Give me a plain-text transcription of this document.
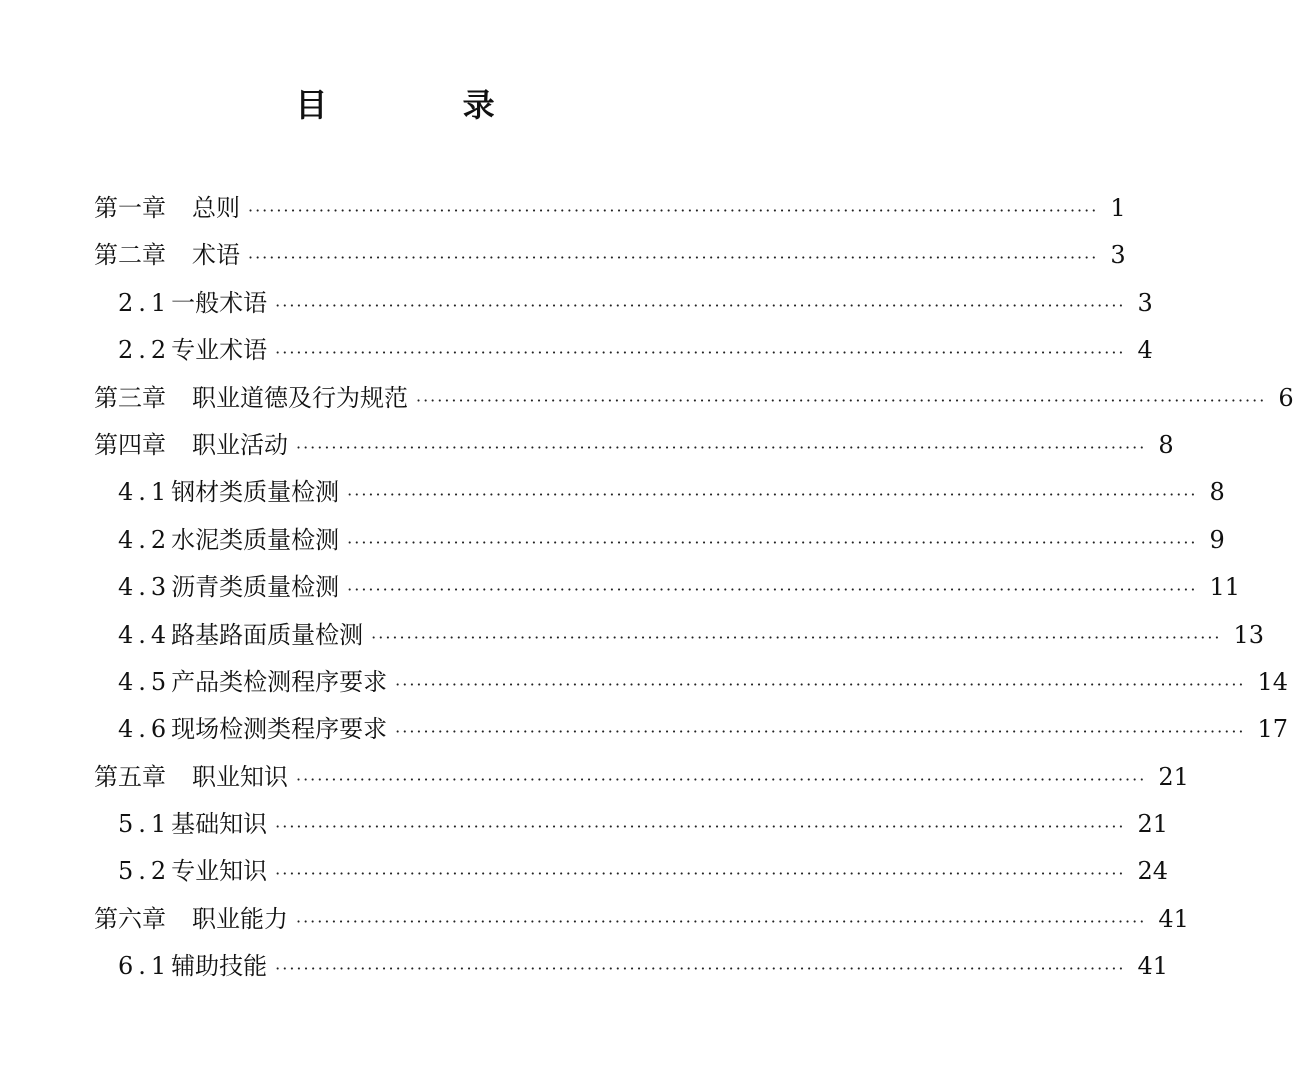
目 录
第一章 总则 ························································································································ 1
第二章 术语 ························································································································ 3
2.1 一般术语 ························································································································ 3
2.2 专业术语 ························································································································ 4
第三章 职业道德及行为规范 ························································································································ 6
第四章 职业活动 ························································································································ 8
4.1 钢材类质量检测 ························································································································ 8
4.2 水泥类质量检测 ························································································································ 9
4.3 沥青类质量检测 ························································································································ 11
4.4 路基路面质量检测 ························································································································ 13
4.5 产品类检测程序要求 ························································································································ 14
4.6 现场检测类程序要求 ························································································································ 17
第五章 职业知识 ························································································································ 21
5.1 基础知识 ························································································································ 21
5.2 专业知识 ························································································································ 24
第六章 职业能力 ························································································································ 41
6.1 辅助技能 ························································································································ 41
